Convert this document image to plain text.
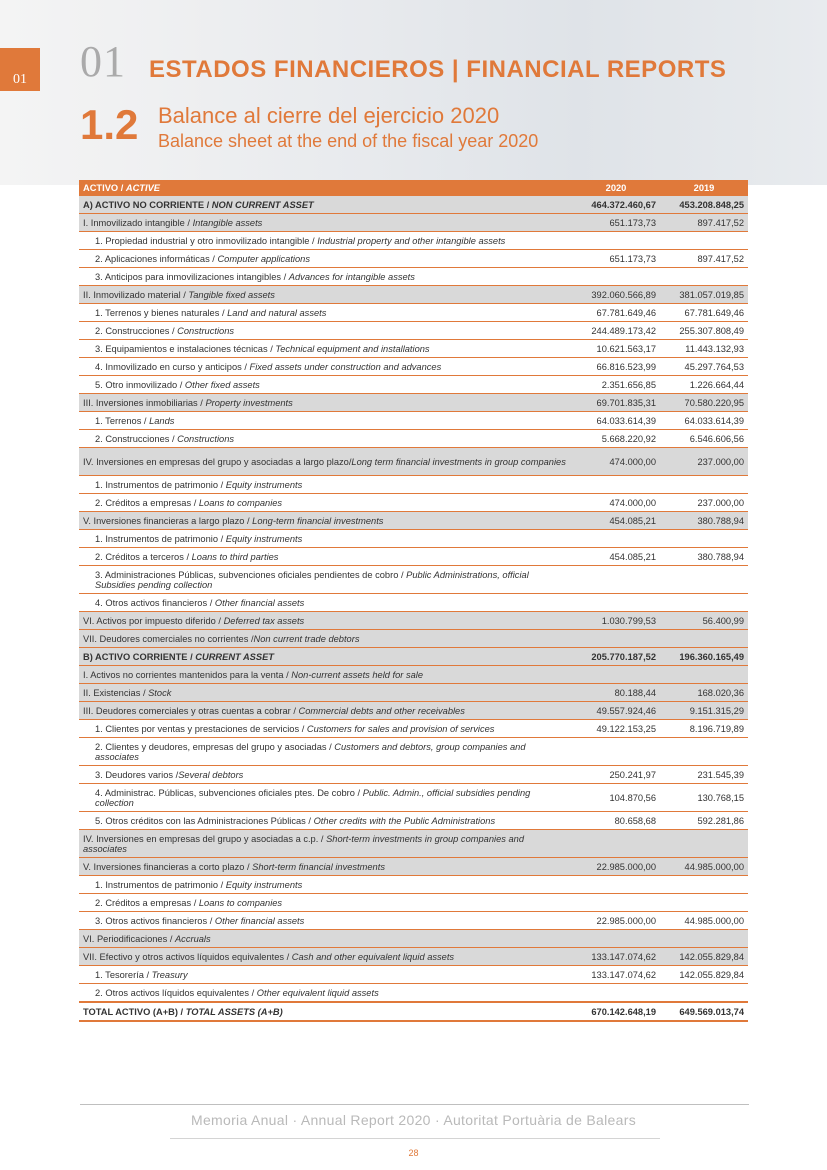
01 01 ESTADOS FINANCIEROS | FINANCIAL REPORTS
1.2 Balance al cierre del ejercicio 2020
Balance sheet at the end of the fiscal year 2020
ACTIVO / ACTIVE	2020	2019
A) ACTIVO NO CORRIENTE / NON CURRENT ASSET	464.372.460,67	453.208.848,25
I. Inmovilizado intangible / Intangible assets	651.173,73	897.417,52
1. Propiedad industrial y otro inmovilizado intangible / Industrial property and other intangible assets		
2. Aplicaciones informáticas / Computer applications	651.173,73	897.417,52
3. Anticipos para inmovilizaciones intangibles / Advances for intangible assets		
II. Inmovilizado material / Tangible fixed assets	392.060.566,89	381.057.019,85
1. Terrenos y bienes naturales / Land and natural assets	67.781.649,46	67.781.649,46
2. Construcciones / Constructions	244.489.173,42	255.307.808,49
3. Equipamientos e instalaciones técnicas / Technical equipment and installations	10.621.563,17	11.443.132,93
4. Inmovilizado en curso y anticipos / Fixed assets under construction and advances	66.816.523,99	45.297.764,53
5. Otro inmovilizado / Other fixed assets	2.351.656,85	1.226.664,44
III. Inversiones inmobiliarias / Property investments	69.701.835,31	70.580.220,95
1. Terrenos / Lands	64.033.614,39	64.033.614,39
2. Construcciones / Constructions	5.668.220,92	6.546.606,56
IV. Inversiones en empresas del grupo y asociadas a largo plazo/Long term financial investments in group companies	474.000,00	237.000,00
1. Instrumentos de patrimonio / Equity instruments		
2. Créditos a empresas / Loans to companies	474.000,00	237.000,00
V. Inversiones financieras a largo plazo / Long-term financial investments	454.085,21	380.788,94
1. Instrumentos de patrimonio / Equity instruments		
2. Créditos a terceros / Loans to third parties	454.085,21	380.788,94
3. Administraciones Públicas, subvenciones oficiales pendientes de cobro / Public Administrations, official Subsidies pending collection		
4. Otros activos financieros / Other financial assets		
VI. Activos por impuesto diferido / Deferred tax assets	1.030.799,53	56.400,99
VII. Deudores comerciales no corrientes /Non current trade debtors		
B) ACTIVO CORRIENTE / CURRENT ASSET	205.770.187,52	196.360.165,49
I. Activos no corrientes mantenidos para la venta / Non-current assets held for sale		
II. Existencias / Stock	80.188,44	168.020,36
III. Deudores comerciales y otras cuentas a cobrar / Commercial debts and other receivables	49.557.924,46	9.151.315,29
1. Clientes por ventas y prestaciones de servicios / Customers for sales and provision of services	49.122.153,25	8.196.719,89
2. Clientes y deudores, empresas del grupo y asociadas / Customers and debtors, group companies and associates		
3. Deudores varios /Several debtors	250.241,97	231.545,39
4. Administrac. Públicas, subvenciones oficiales ptes. De cobro / Public. Admin., official subsidies pending collection	104.870,56	130.768,15
5. Otros créditos con las Administraciones Públicas / Other credits with the Public Administrations	80.658,68	592.281,86
IV. Inversiones en empresas del grupo y asociadas a c.p. / Short-term investments in group companies and associates		
V. Inversiones financieras a corto plazo / Short-term financial investments	22.985.000,00	44.985.000,00
1. Instrumentos de patrimonio / Equity instruments		
2. Créditos a empresas / Loans to companies		
3. Otros activos financieros / Other financial assets	22.985.000,00	44.985.000,00
VI. Periodificaciones / Accruals		
VII. Efectivo y otros activos líquidos equivalentes / Cash and other equivalent liquid assets	133.147.074,62	142.055.829,84
1. Tesorería / Treasury	133.147.074,62	142.055.829,84
2. Otros activos líquidos equivalentes / Other equivalent liquid assets		
TOTAL ACTIVO (A+B) / TOTAL ASSETS (A+B)	670.142.648,19	649.569.013,74
Memoria Anual · Annual Report 2020 · Autoritat Portuària de Balears
28
